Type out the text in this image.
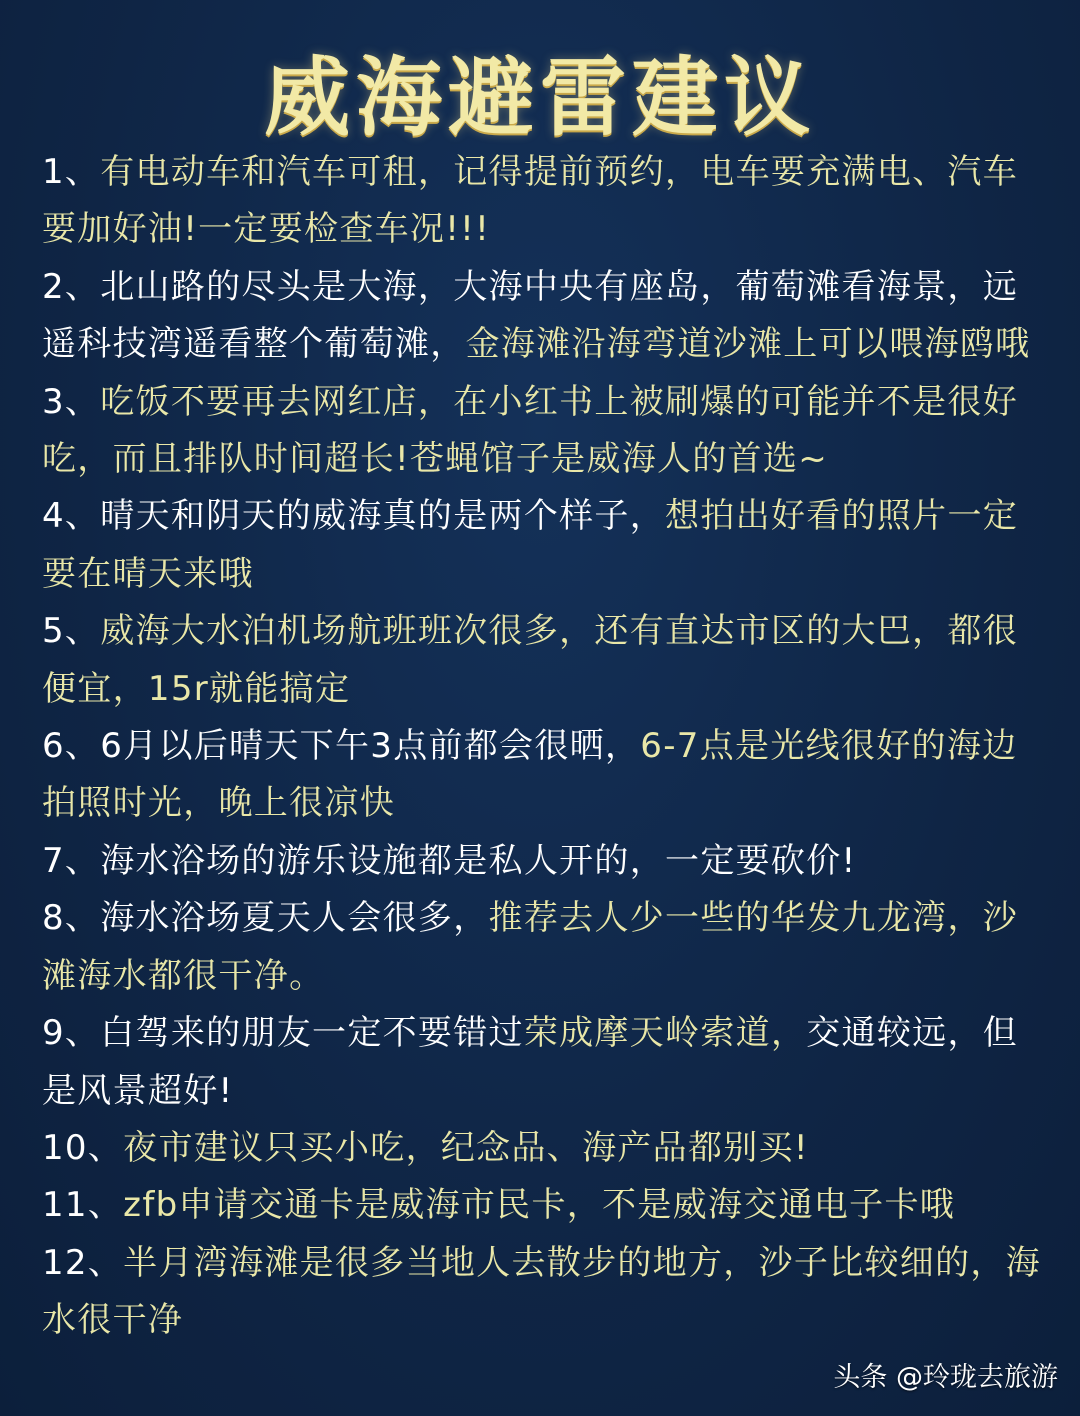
威海避雷建议
1、有电动车和汽车可租，记得提前预约，电车要充满电、汽车要加好油!一定要检查车况!!!
2、北山路的尽头是大海，大海中央有座岛，葡萄滩看海景，远遥科技湾遥看整个葡萄滩，金海滩沿海弯道沙滩上可以喂海鸥哦
3、吃饭不要再去网红店，在小红书上被刷爆的可能并不是很好吃，而且排队时间超长!苍蝇馆子是威海人的首选~
4、晴天和阴天的威海真的是两个样子，想拍出好看的照片一定要在晴天来哦
5、威海大水泊机场航班班次很多，还有直达市区的大巴，都很便宜，15r就能搞定
6、6月以后晴天下午3点前都会很晒，6-7点是光线很好的海边拍照时光，晚上很凉快
7、海水浴场的游乐设施都是私人开的，一定要砍价!
8、海水浴场夏天人会很多，推荐去人少一些的华发九龙湾，沙滩海水都很干净。
9、白驾来的朋友一定不要错过荣成摩天岭索道，交通较远，但是风景超好!
10、夜市建议只买小吃，纪念品、海产品都别买!
11、zfb申请交通卡是威海市民卡，不是威海交通电子卡哦
12、半月湾海滩是很多当地人去散步的地方，沙子比较细的，海水很干净
头条 @玲珑去旅游
